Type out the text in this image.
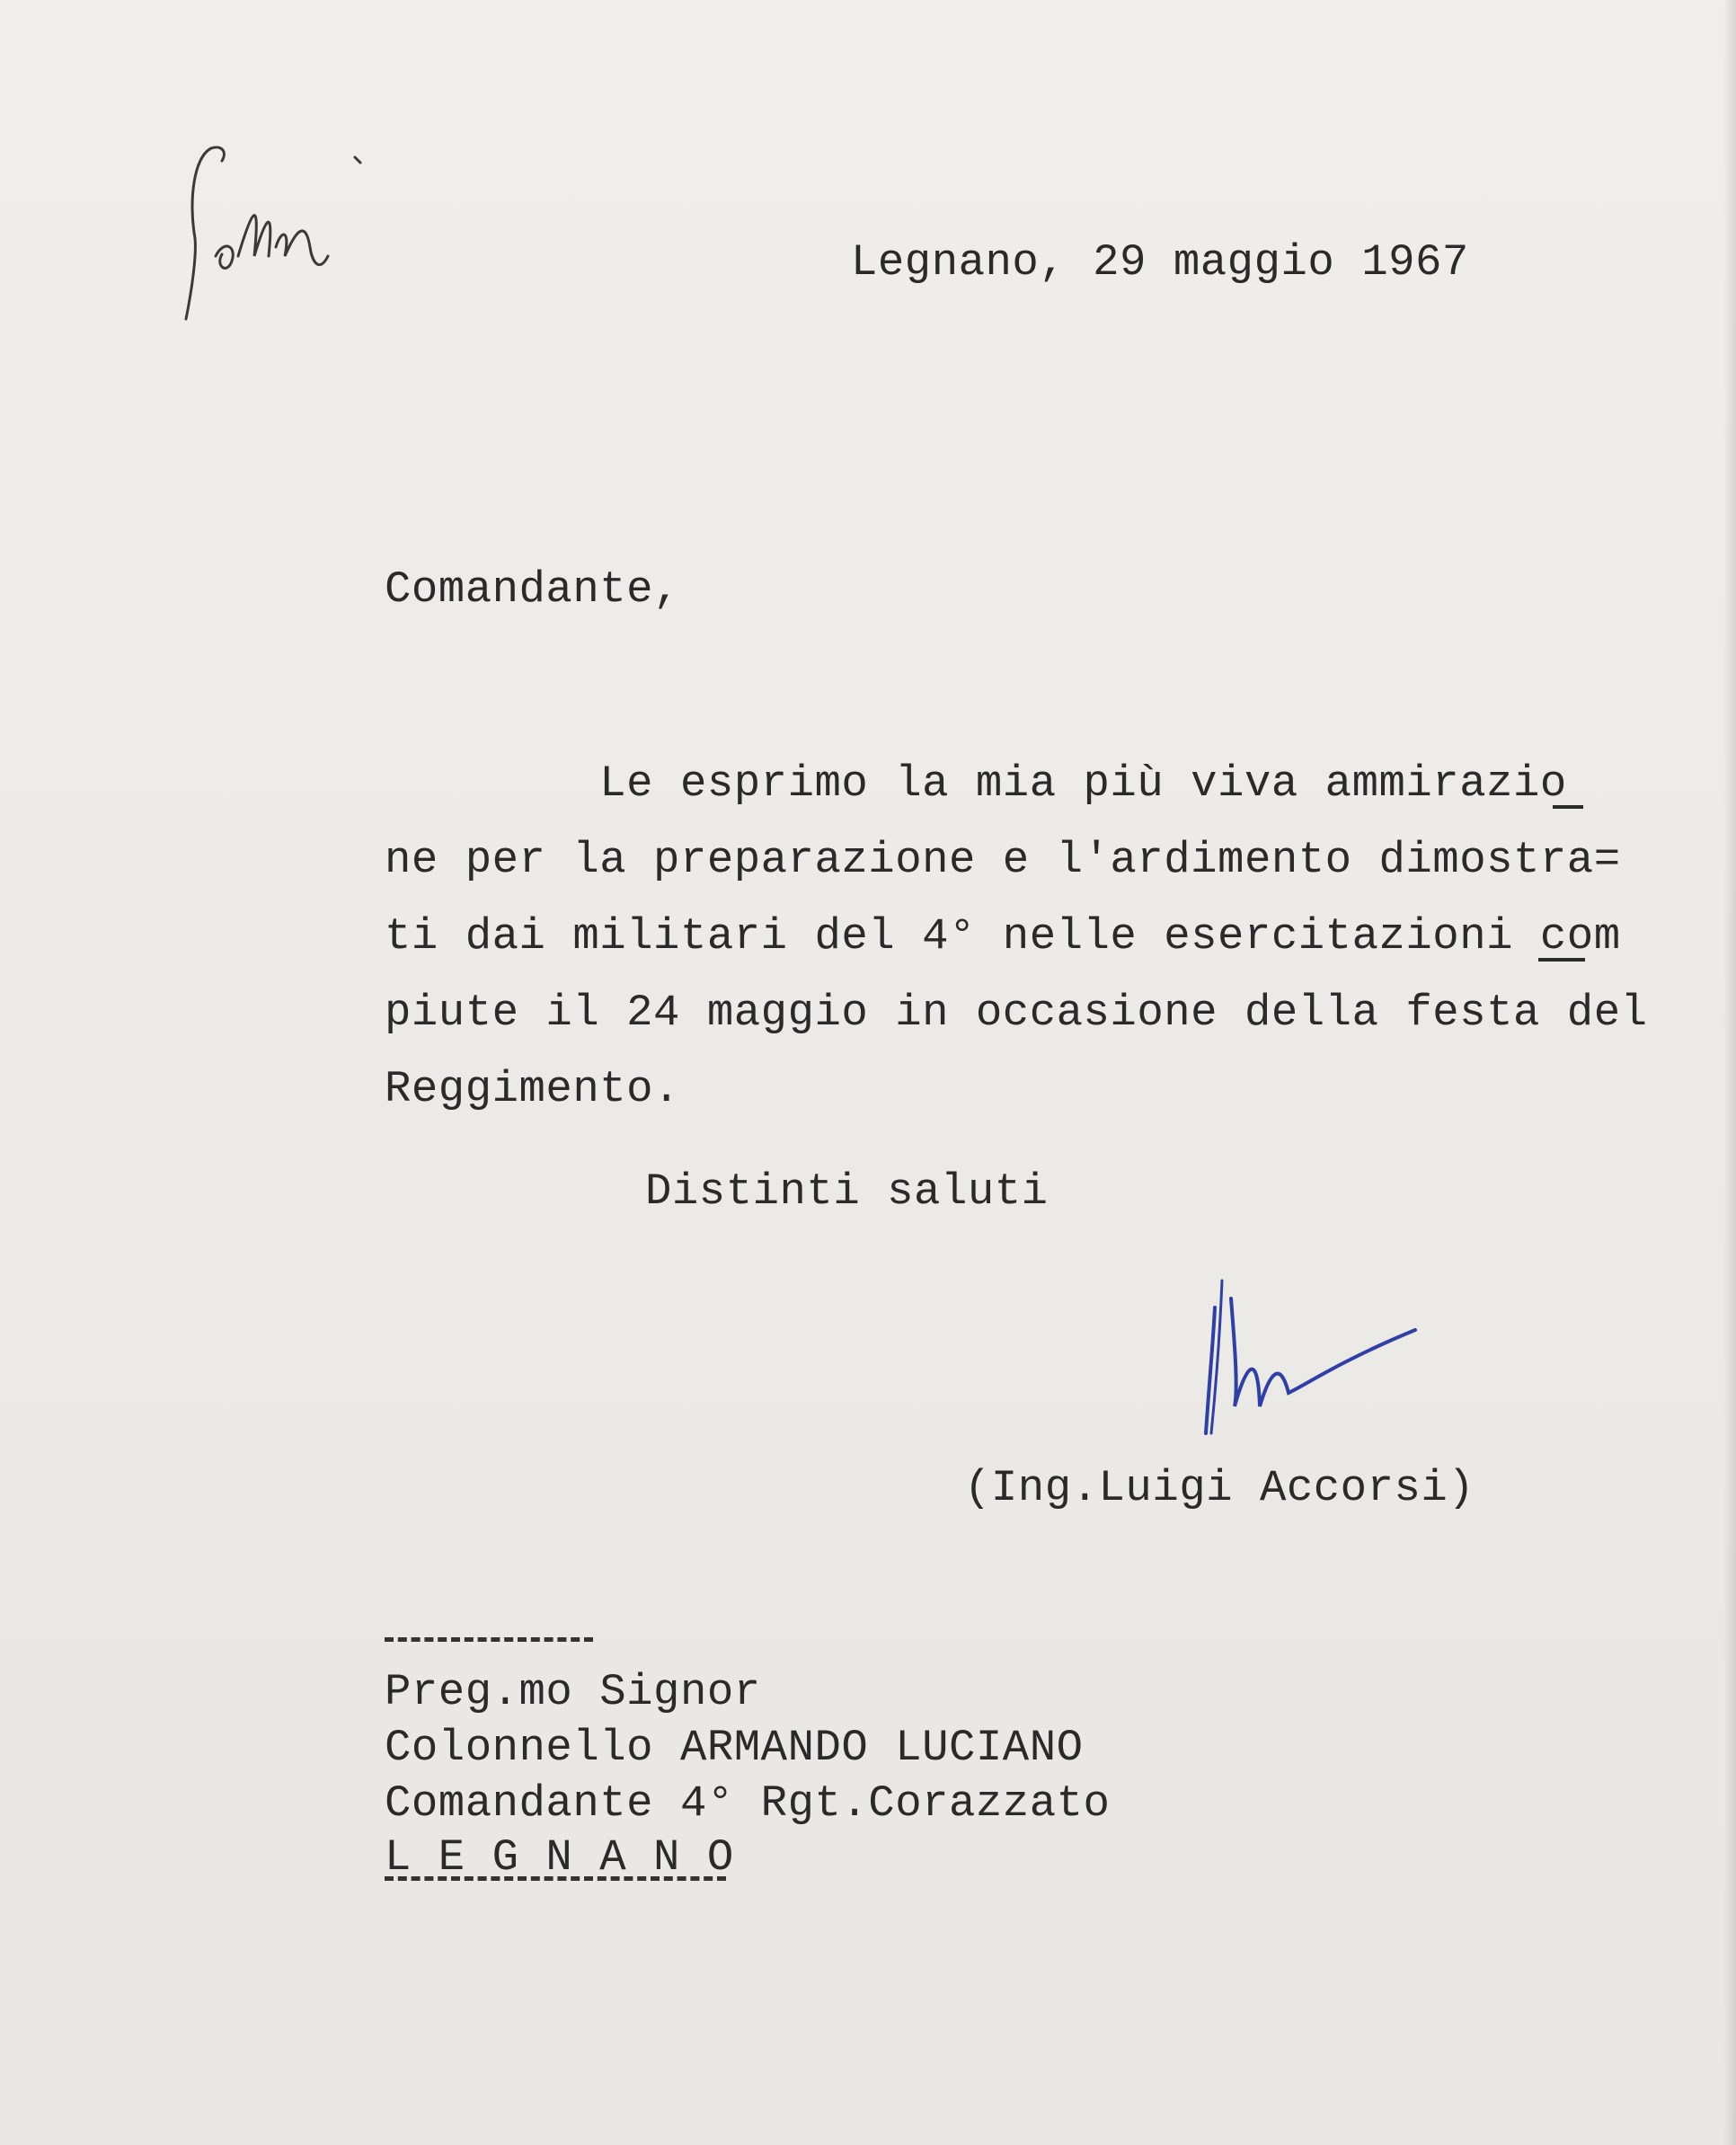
Legnano, 29 maggio 1967

Comandante,

Le esprimo la mia più viva ammirazio

ne per la preparazione e l'ardimento dimostra=

ti dai militari del 4° nelle esercitazioni com

piute il 24 maggio in occasione della festa del

Reggimento.

Distinti saluti

(Ing.Luigi Accorsi)

Preg.mo Signor

Colonnello ARMANDO LUCIANO

Comandante 4° Rgt.Corazzato

L E G N A N O
